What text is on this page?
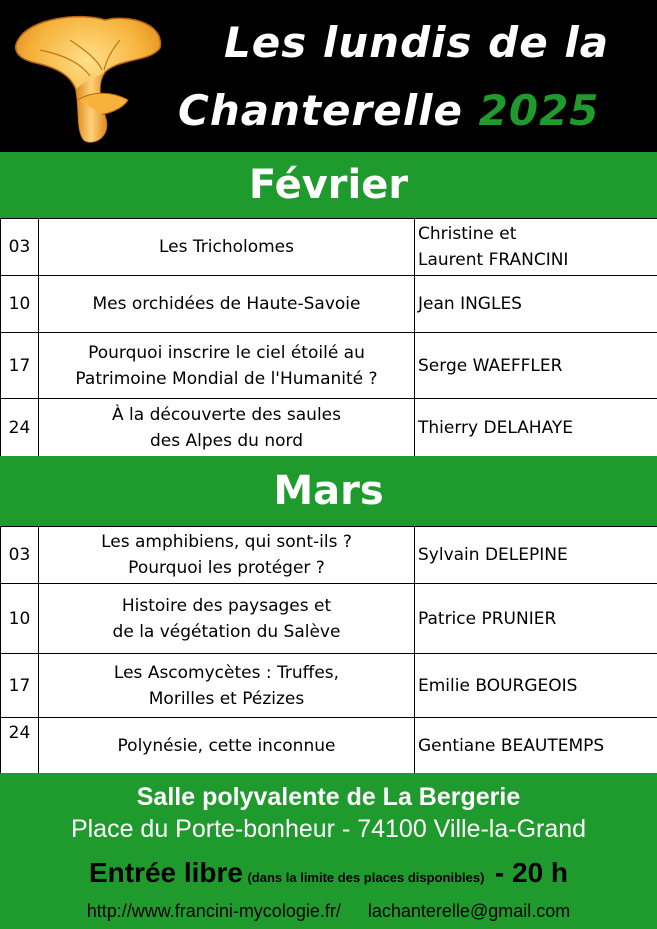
Les lundis de la
Chanterelle 2025
Février
03	Les Tricholomes	Christine et
Laurent FRANCINI

10	Mes orchidées de Haute-Savoie	Jean INGLES

17	Pourquoi inscrire le ciel étoilé au
Patrimoine Mondial de l'Humanité ?	Serge WAEFFLER

24	À la découverte des saules
des Alpes du nord	Thierry DELAHAYE
Mars
03	Les amphibiens, qui sont-ils ?
Pourquoi les protéger ?	Sylvain DELEPINE

10	Histoire des paysages et
de la végétation du Salève	Patrice PRUNIER

17	Les Ascomycètes : Truffes,
Morilles et Pézizes	Emilie BOURGEOIS

24	Polynésie, cette inconnue	Gentiane BEAUTEMPS
Salle polyvalente de La Bergerie
Place du Porte-bonheur - 74100 Ville-la-Grand
Entrée libre (dans la limite des places disponibles) - 20 h
http://www.francini-mycologie.fr/ lachanterelle@gmail.com
